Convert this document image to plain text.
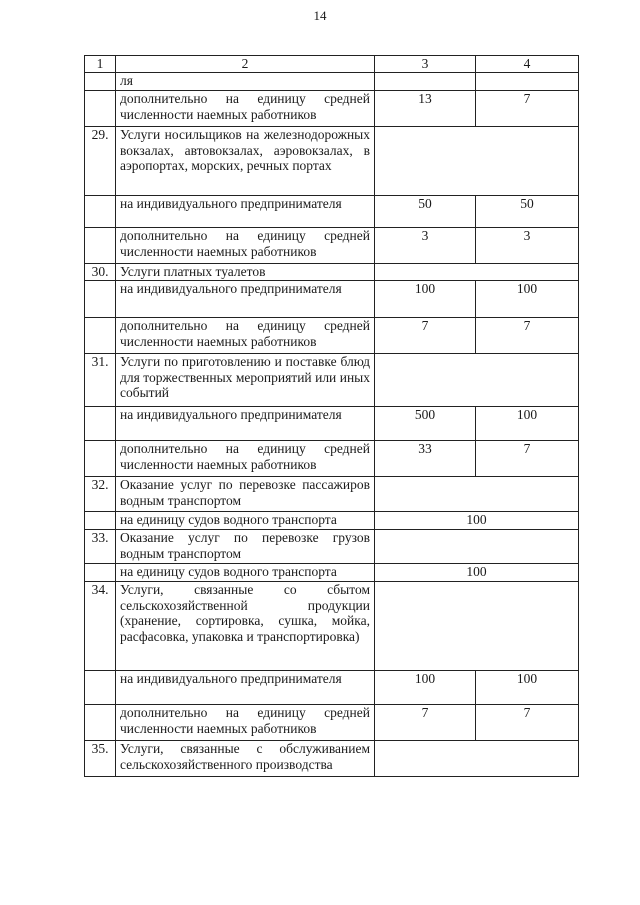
14
1	2	3	4
	ля		
	дополнительно на единицу средней численности наемных работников	13	7
29.	Услуги носильщиков на железнодорожных вокзалах, автовокзалах, аэровокзалах, в аэропортах, морских, речных портах		
	на индивидуального предпринимателя	50	50
	дополнительно на единицу средней численности наемных работников	3	3
30.	Услуги платных туалетов		
	на индивидуального предпринимателя	100	100
	дополнительно на единицу средней численности наемных работников	7	7
31.	Услуги по приготовлению и поставке блюд для торжественных мероприятий или иных событий		
	на индивидуального предпринимателя	500	100
	дополнительно на единицу средней численности наемных работников	33	7
32.	Оказание услуг по перевозке пассажиров водным транспортом		
	на единицу судов водного транспорта	100	
33.	Оказание услуг по перевозке грузов водным транспортом		
	на единицу судов водного транспорта	100	
34.	Услуги, связанные со сбытом сельскохозяйственной продукции (хранение, сортировка, сушка, мойка, расфасовка, упаковка и транспортировка)		
	на индивидуального предпринимателя	100	100
	дополнительно на единицу средней численности наемных работников	7	7
35.	Услуги, связанные с обслуживанием сельскохозяйственного производства		
